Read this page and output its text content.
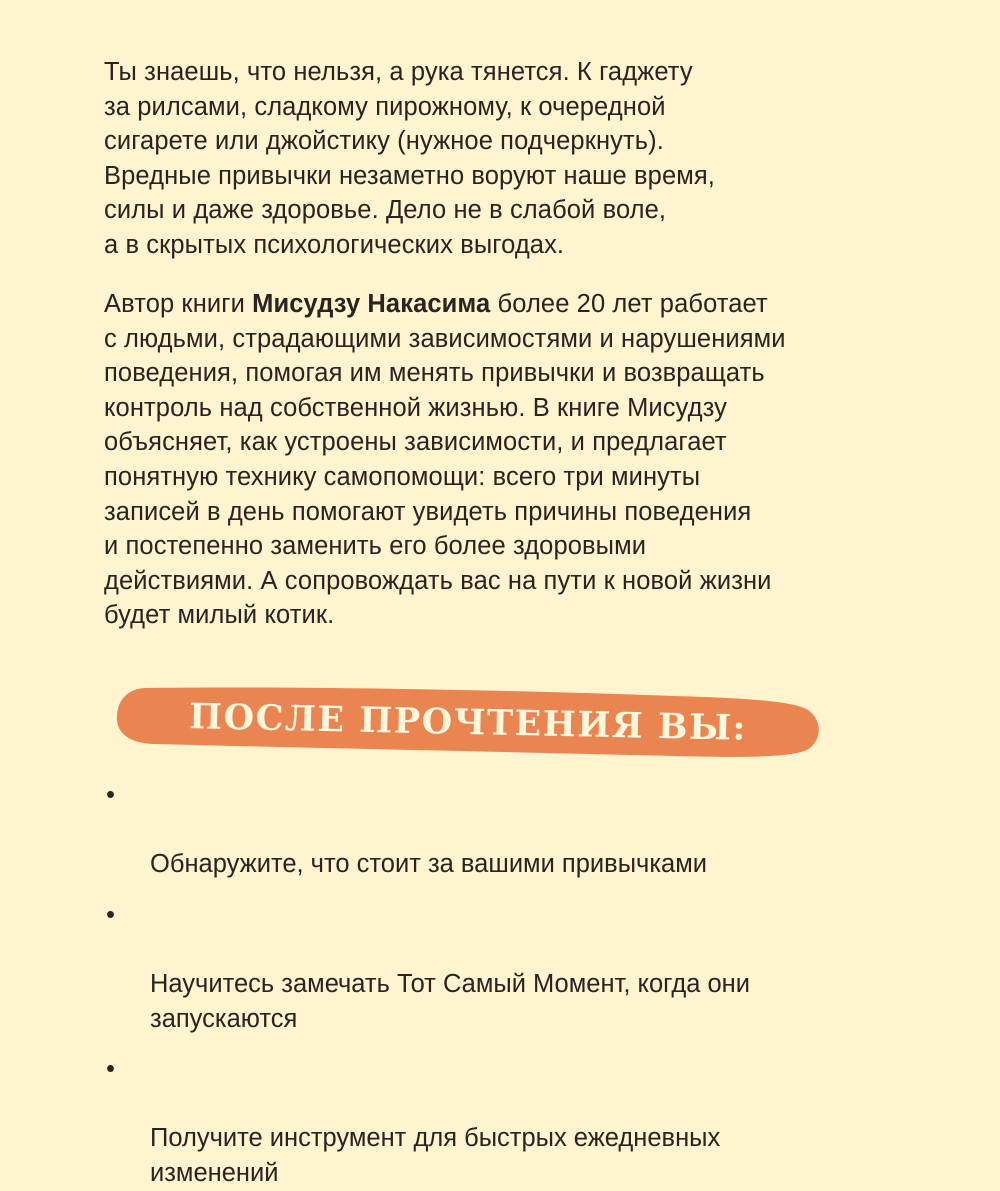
Ты знаешь, что нельзя, а рука тянется. К гаджету
за рилсами, сладкому пирожному, к очередной
сигарете или джойстику (нужное подчеркнуть).
Вредные привычки незаметно воруют наше время,
силы и даже здоровье. Дело не в слабой воле,
а в скрытых психологических выгодах.

Автор книги Мисудзу Накасима более 20 лет работает
с людьми, страдающими зависимостями и нарушениями
поведения, помогая им менять привычки и возвращать
контроль над собственной жизнью. В книге Мисудзу
объясняет, как устроены зависимости, и предлагает
понятную технику самопомощи: всего три минуты
записей в день помогают увидеть причины поведения
и постепенно заменить его более здоровыми
действиями. А сопровождать вас на пути к новой жизни
будет милый котик.

ПОСЛЕ ПРОЧТЕНИЯ ВЫ:

•

Обнаружите, что стоит за вашими привычками

•

Научитесь замечать Тот Самый Момент, когда они
запускаются

•

Получите инструмент для быстрых ежедневных
изменений
